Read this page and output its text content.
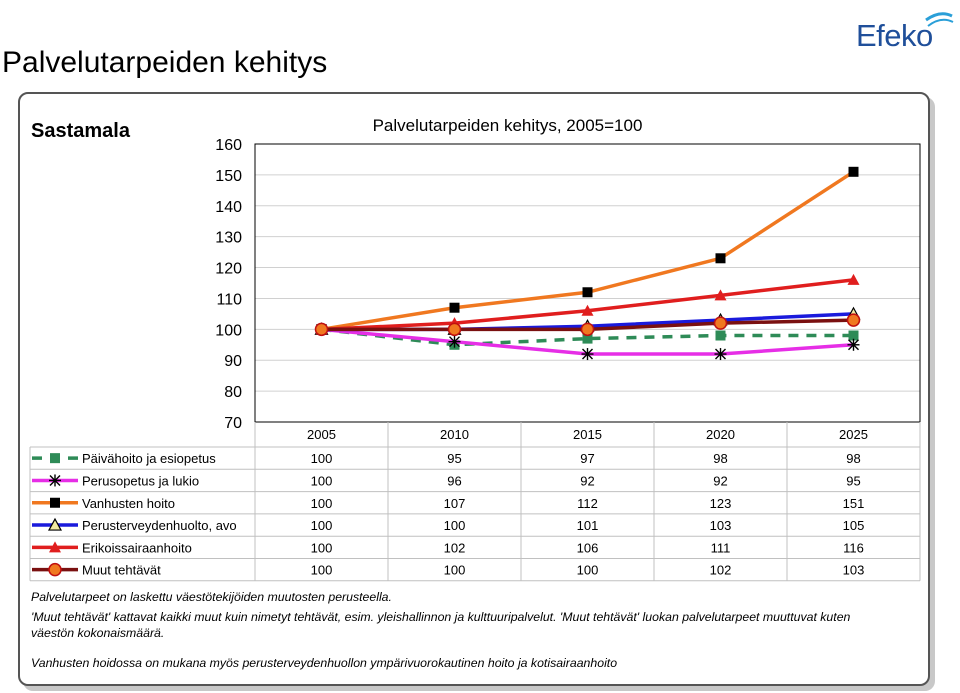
Palvelutarpeiden kehitys
Efeko
Sastamala	Palvelutarpeiden kehitys, 2005=100
160
150
140
130
120
110
100
90
80
70
2005	2010	2015	2020	2025
Päivähoito ja esiopetus	100	95	97	98	98
Perusopetus ja lukio	100	96	92	92	95
Vanhusten hoito	100	107	112	123	151
Perusterveydenhuolto, avo	100	100	101	103	105
Erikoissairaanhoito	100	102	106	111	116
Muut tehtävät	100	100	100	102	103
Palvelutarpeet on laskettu väestötekijöiden muutosten perusteella.
'Muut tehtävät' kattavat kaikki muut kuin nimetyt tehtävät, esim. yleishallinnon ja kulttuuripalvelut. 'Muut tehtävät' luokan palvelutarpeet muuttuvat kuten
väestön kokonaismäärä.
Vanhusten hoidossa on mukana myös perusterveydenhuollon ympärivuorokautinen hoito ja kotisairaanhoito
